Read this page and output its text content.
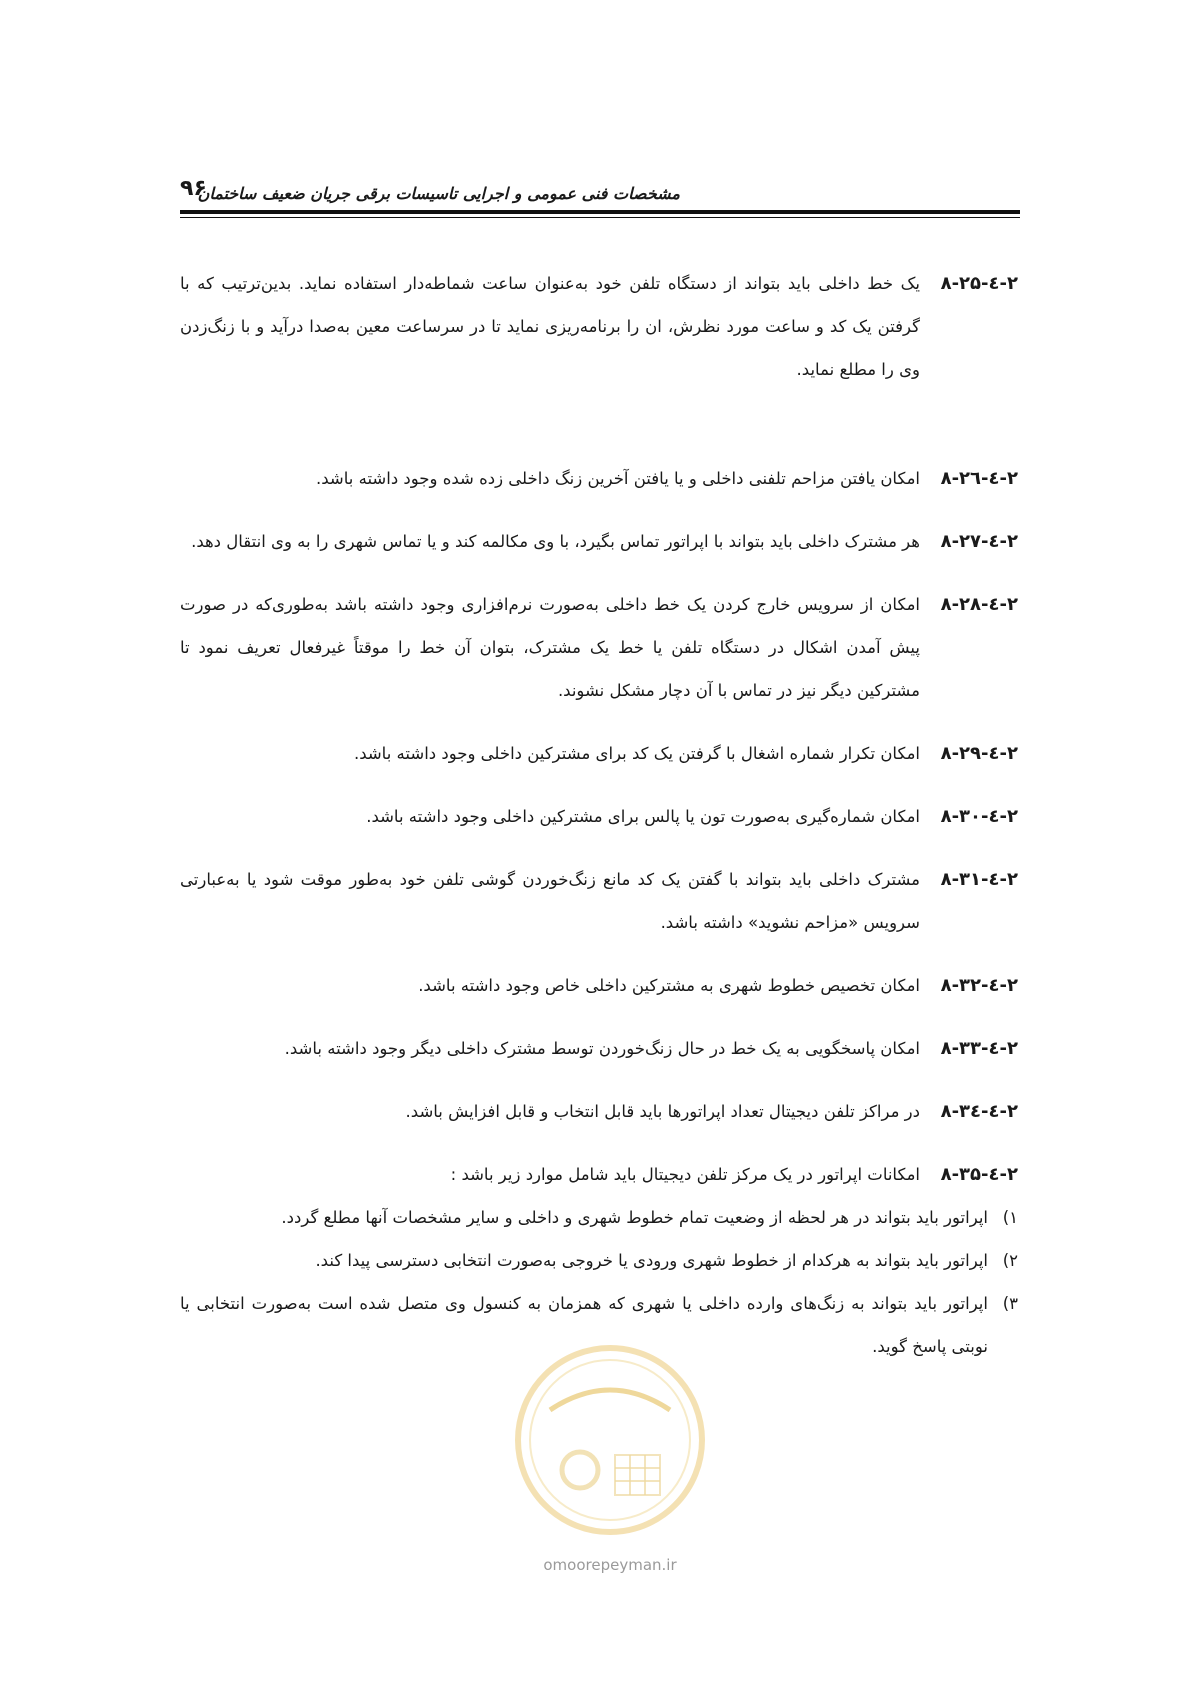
مشخصات فنی عمومی و اجرایی تاسیسات برقی جریان ضعیف ساختمان
۹۶

۲-٤-۸-۲۵
یک خط داخلی باید بتواند از دستگاه تلفن خود به‌عنوان ساعت شماطه‌دار استفاده نماید. بدین‌ترتیب که با گرفتن یک کد و ساعت مورد نظرش، ان را برنامه‌ریزی نماید تا در سرساعت معین به‌صدا درآید و با زنگ‌زدن وی را مطلع نماید.

۲-٤-۸-۲٦
امکان یافتن مزاحم تلفنی داخلی و یا یافتن آخرین زنگ داخلی زده شده وجود داشته باشد.

۲-٤-۸-۲۷
هر مشترک داخلی باید بتواند با اپراتور تماس بگیرد، با وی مکالمه کند و یا تماس شهری را به وی انتقال دهد.

۲-٤-۸-۲۸
امکان از سرویس خارج کردن یک خط داخلی به‌صورت نرم‌افزاری وجود داشته باشد به‌طوری‌که در صورت پیش آمدن اشکال در دستگاه تلفن یا خط یک مشترک، بتوان آن خط را موقتاً غیرفعال تعریف نمود تا مشترکین دیگر نیز در تماس با آن دچار مشکل نشوند.

۲-٤-۸-۲۹
امکان تکرار شماره اشغال با گرفتن یک کد برای مشترکین داخلی وجود داشته باشد.

۲-٤-۸-۳۰
امکان شماره‌گیری به‌صورت تون یا پالس برای مشترکین داخلی وجود داشته باشد.

۲-٤-۸-۳۱
مشترک داخلی باید بتواند با گفتن یک کد مانع زنگ‌خوردن گوشی تلفن خود به‌طور موقت شود یا به‌عبارتی سرویس «مزاحم نشوید» داشته باشد.

۲-٤-۸-۳۲
امکان تخصیص خطوط شهری به مشترکین داخلی خاص وجود داشته باشد.

۲-٤-۸-۳۳
امکان پاسخگویی به یک خط در حال زنگ‌خوردن توسط مشترک داخلی دیگر وجود داشته باشد.

۲-٤-۸-۳٤
در مراکز تلفن دیجیتال تعداد اپراتورها باید قابل انتخاب و قابل افزایش باشد.

۲-٤-۸-۳۵
امکانات اپراتور در یک مرکز تلفن دیجیتال باید شامل موارد زیر باشد :

۱)
اپراتور باید بتواند در هر لحظه از وضعیت تمام خطوط شهری و داخلی و سایر مشخصات آنها مطلع گردد.
۲)
اپراتور باید بتواند به هرکدام از خطوط شهری ورودی یا خروجی به‌صورت انتخابی دسترسی پیدا کند.
۳)
اپراتور باید بتواند به زنگ‌های وارده داخلی یا شهری که همزمان به کنسول وی متصل شده است به‌صورت انتخابی یا نوبتی پاسخ گوید.
omoorepeyman.ir
